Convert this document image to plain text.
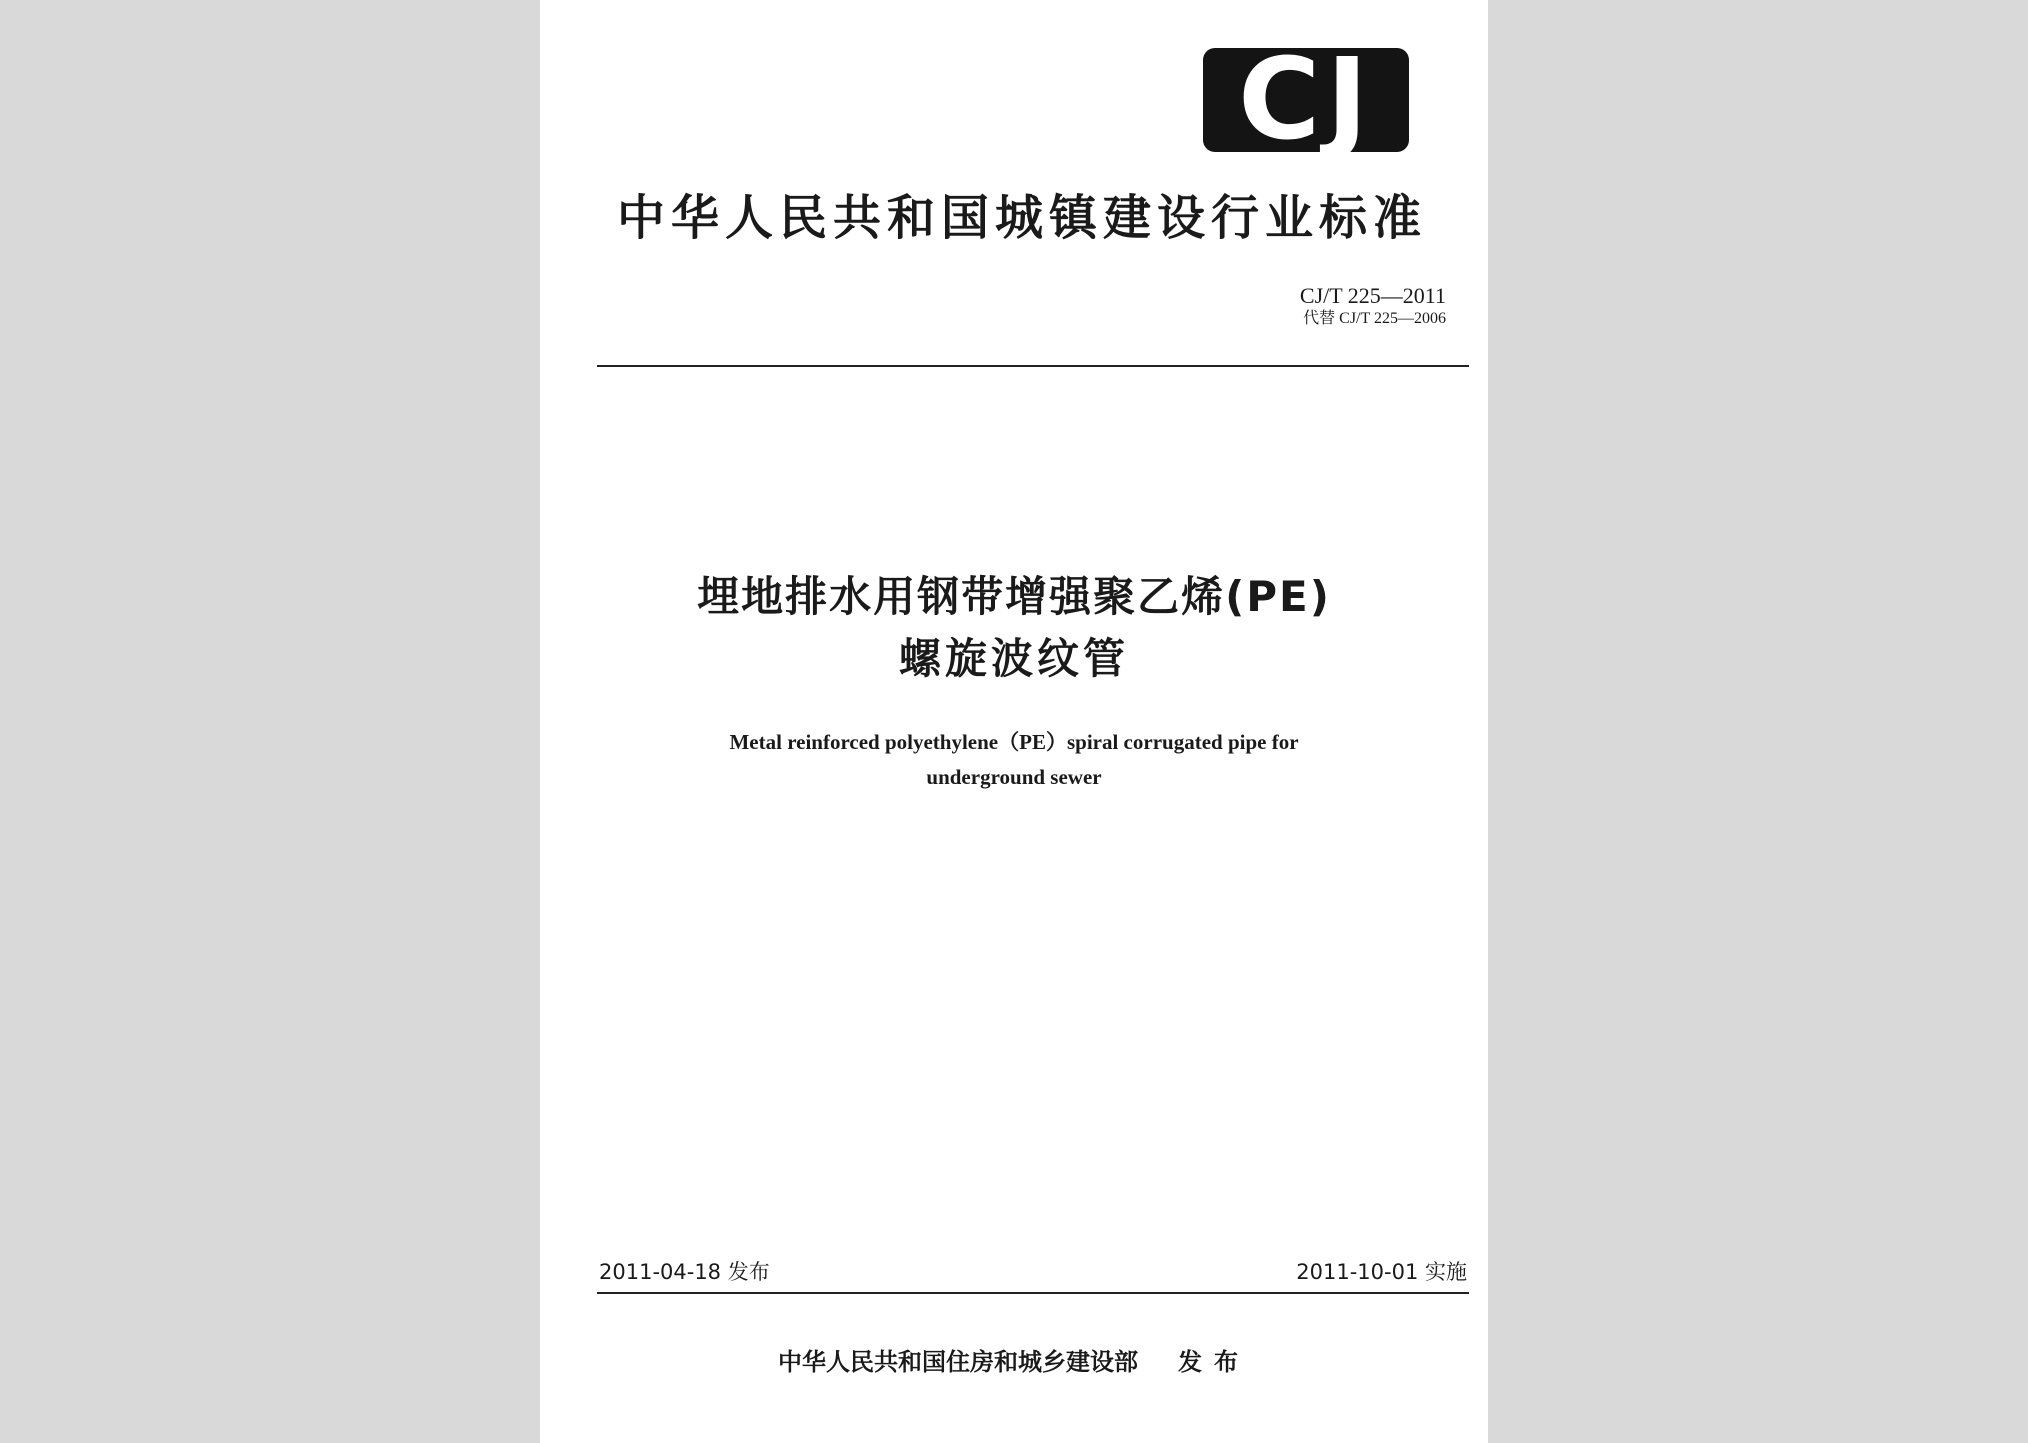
CJ
中华人民共和国城镇建设行业标准
CJ/T 225—2011
代替 CJ/T 225—2006
埋地排水用钢带增强聚乙烯(PE)
螺旋波纹管
Metal reinforced polyethylene（PE）spiral corrugated pipe for
underground sewer
2011-04-18 发布	2011-10-01 实施
中华人民共和国住房和城乡建设部 发布
